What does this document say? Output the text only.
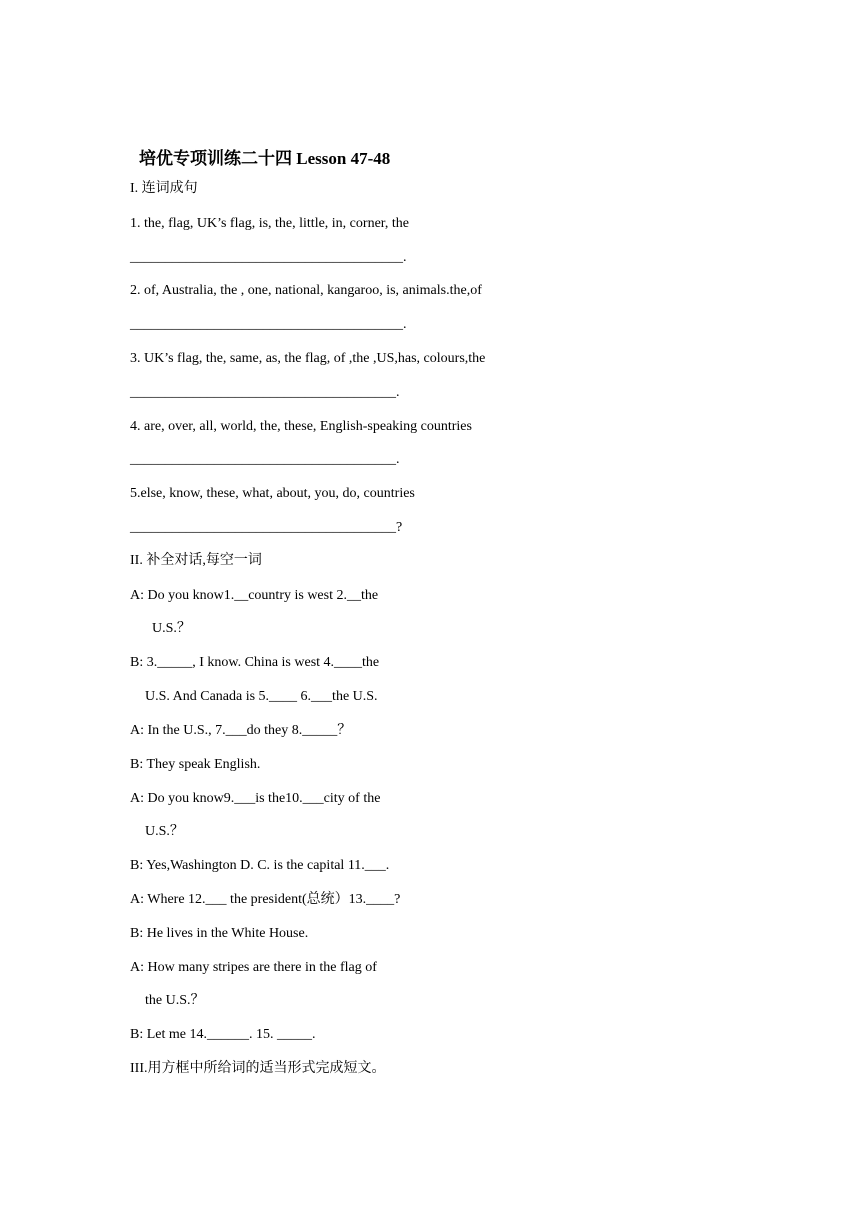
培优专项训练二十四 Lesson 47-48
I. 连词成句
1. the, flag, UK’s flag, is, the, little, in, corner, the
_______________________________________.
2. of, Australia, the , one, national, kangaroo, is, animals.the,of
_______________________________________.
3. UK’s flag, the, same, as, the flag, of ,the ,US,has, colours,the
______________________________________.
4. are, over, all, world, the, these, English-speaking countries
______________________________________.
5.else, know, these, what, about, you, do, countries
______________________________________?
II. 补全对话,每空一词
A: Do you know1.__country is west 2.__the
U.S.？
B: 3._____, I know. China is west 4.____the
U.S. And Canada is 5.____ 6.___the U.S.
A: In the U.S., 7.___do they 8._____？
B: They speak English.
A: Do you know9.___is the10.___city of the
U.S.？
B: Yes,Washington D. C. is the capital 11.___.
A: Where 12.___ the president(总统）13.____?
B: He lives in the White House.
A: How many stripes are there in the flag of
the U.S.？
B: Let me 14.______. 15. _____.
III.用方框中所给词的适当形式完成短文。
